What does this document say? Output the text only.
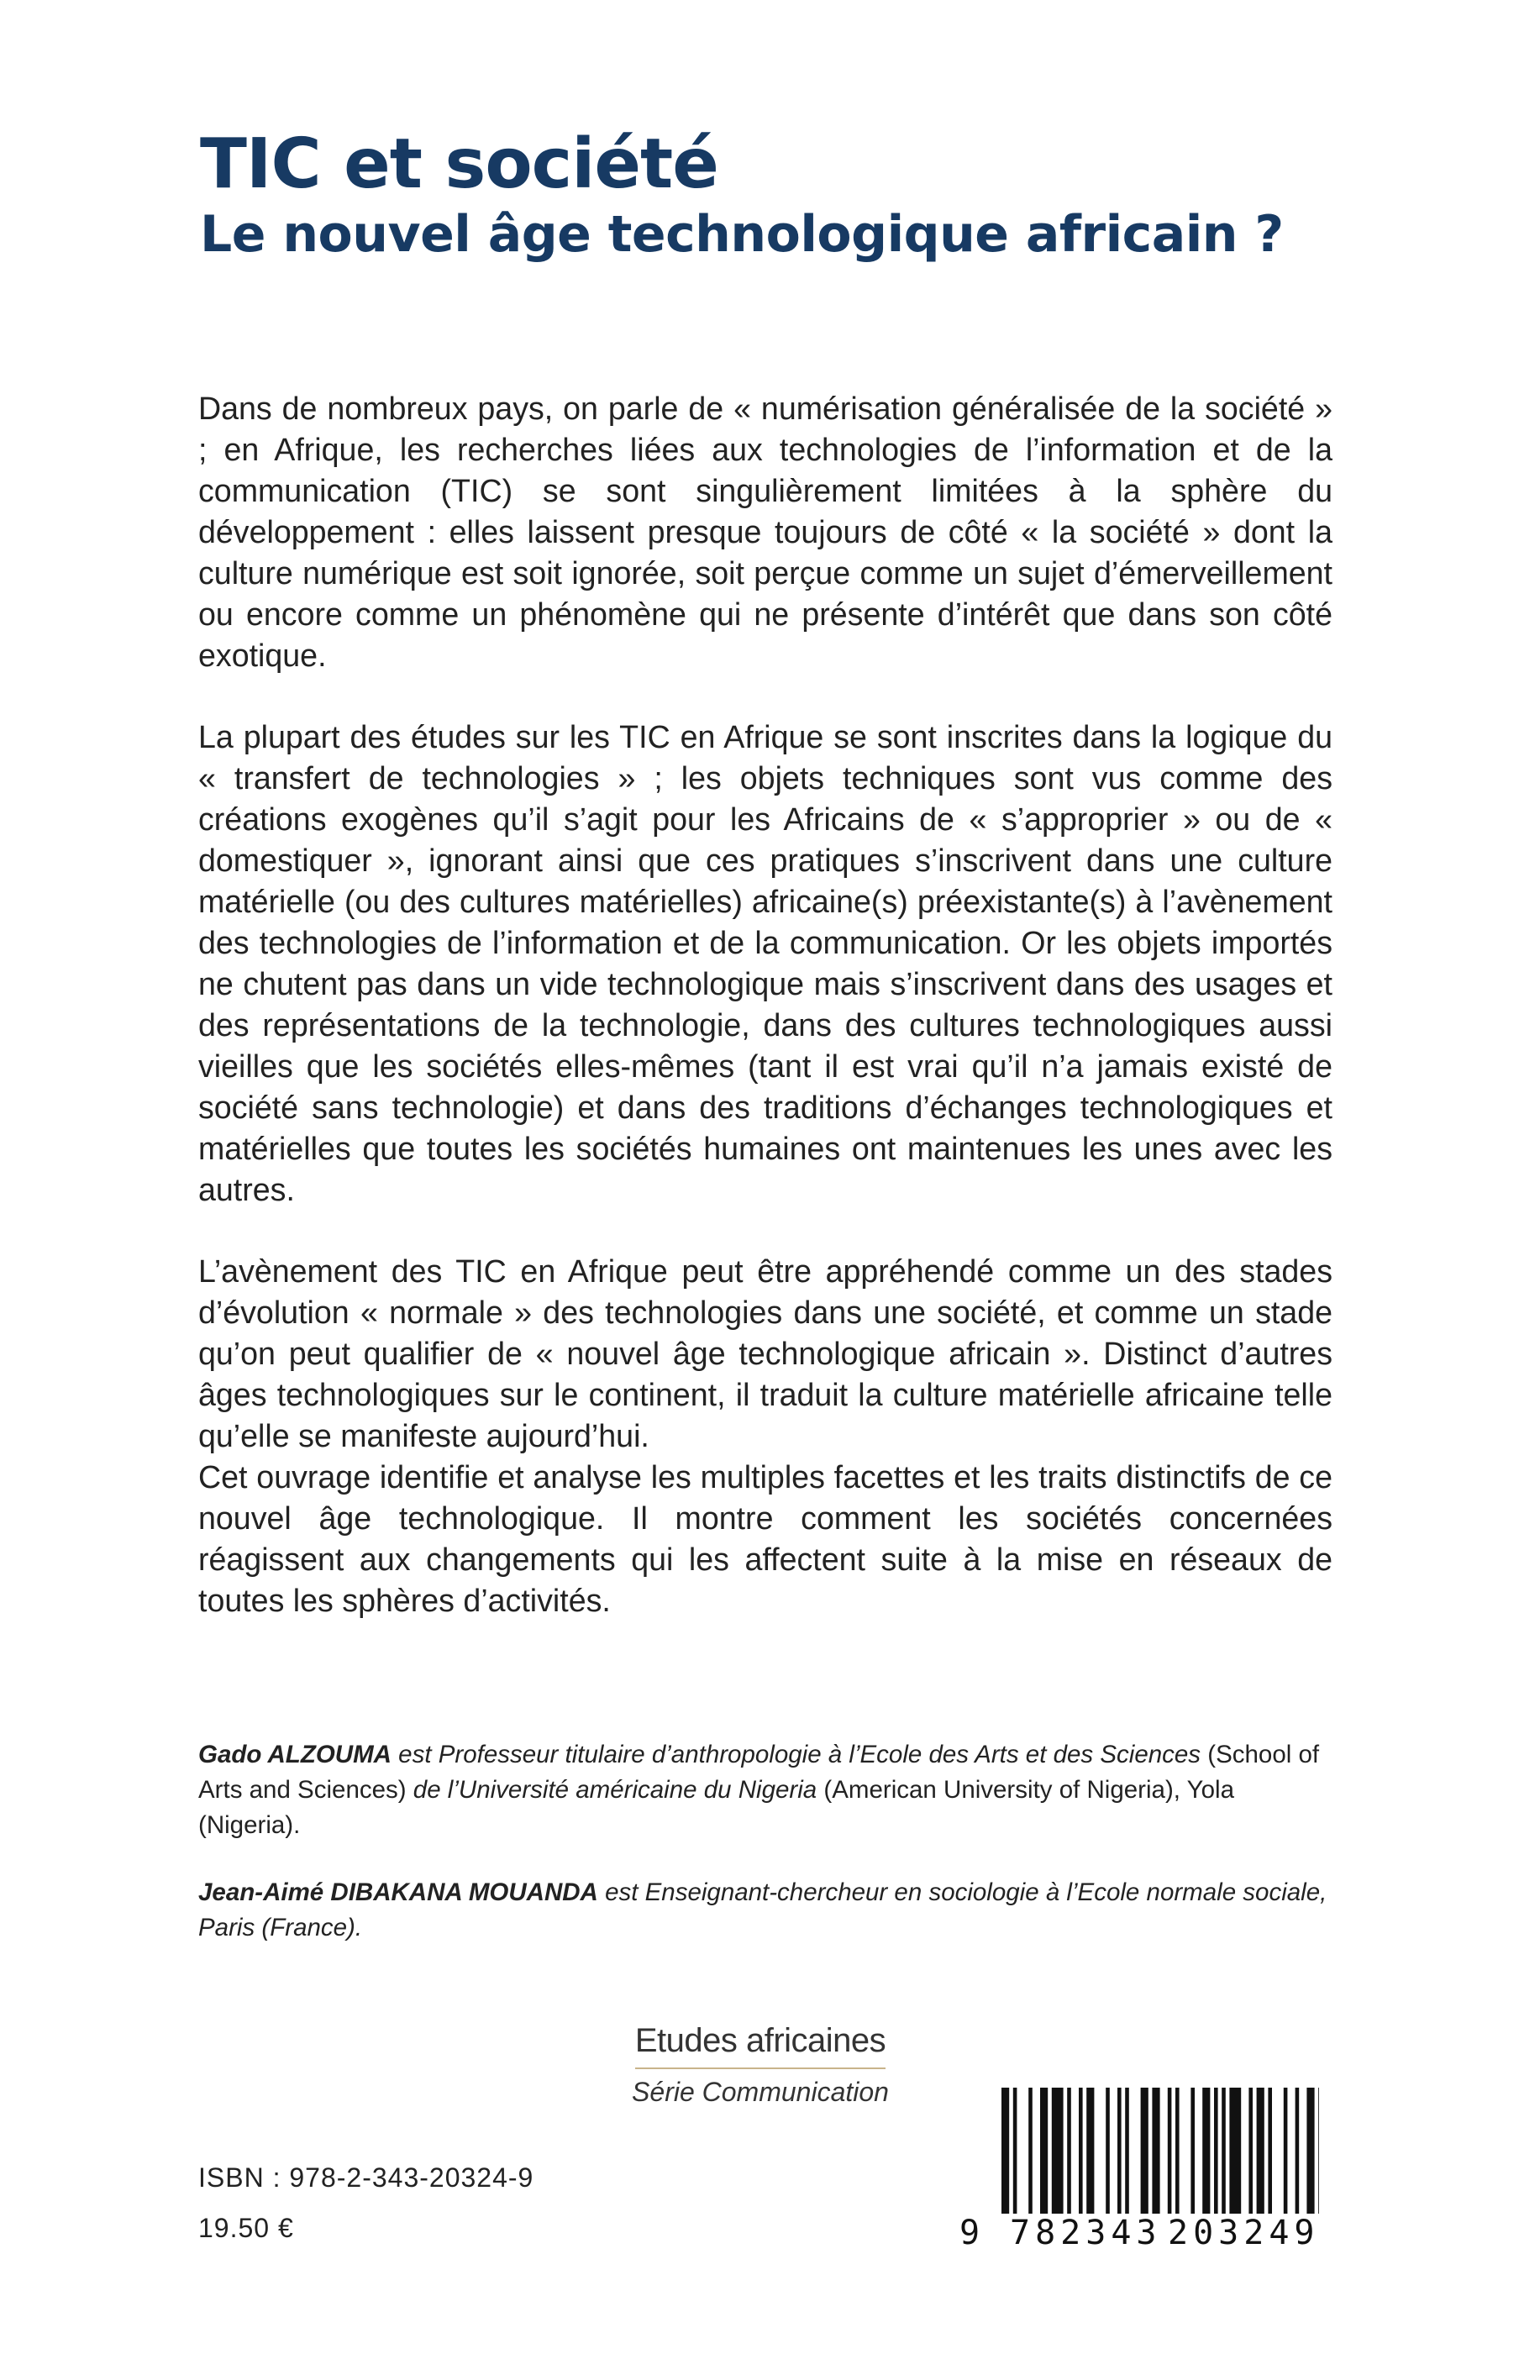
TIC et société
Le nouvel âge technologique africain ?

Dans de nombreux pays, on parle de « numérisation généralisée de la société » ; en Afrique, les recherches liées aux technologies de l’information et de la communication (TIC) se sont singulièrement limitées à la sphère du développement : elles laissent presque toujours de côté « la société » dont la culture numérique est soit ignorée, soit perçue comme un sujet d’émerveillement ou encore comme un phénomène qui ne présente d’intérêt que dans son côté exotique.

La plupart des études sur les TIC en Afrique se sont inscrites dans la logique du « transfert de technologies » ; les objets techniques sont vus comme des créations exogènes qu’il s’agit pour les Africains de « s’approprier » ou de « domestiquer », ignorant ainsi que ces pratiques s’inscrivent dans une culture matérielle (ou des cultures matérielles) africaine(s) préexistante(s) à l’avènement des technologies de l’information et de la communication. Or les objets importés ne chutent pas dans un vide technologique mais s’inscrivent dans des usages et des représentations de la technologie, dans des cultures technologiques aussi vieilles que les sociétés elles-mêmes (tant il est vrai qu’il n’a jamais existé de société sans technologie) et dans des traditions d’échanges technologiques et matérielles que toutes les sociétés humaines ont maintenues les unes avec les autres.

L’avènement des TIC en Afrique peut être appréhendé comme un des stades d’évolution « normale » des technologies dans une société, et comme un stade qu’on peut qualifier de « nouvel âge technologique africain ». Distinct d’autres âges technologiques sur le continent, il traduit la culture matérielle africaine telle qu’elle se manifeste aujourd’hui.

Cet ouvrage identifie et analyse les multiples facettes et les traits distinctifs de ce nouvel âge technologique. Il montre comment les sociétés concernées réagissent aux changements qui les affectent suite à la mise en réseaux de toutes les sphères d’activités.

Gado ALZOUMA est Professeur titulaire d’anthropologie à l’Ecole des Arts et des Sciences (School of Arts and Sciences) de l’Université américaine du Nigeria (American University of Nigeria), Yola (Nigeria).

Jean-Aimé DIBAKANA MOUANDA est Enseignant-chercheur en sociologie à l’Ecole normale sociale, Paris (France).

Etudes africaines
Série Communication
ISBN : 978-2-343-20324-9
19.50 €	9 782343 203249
